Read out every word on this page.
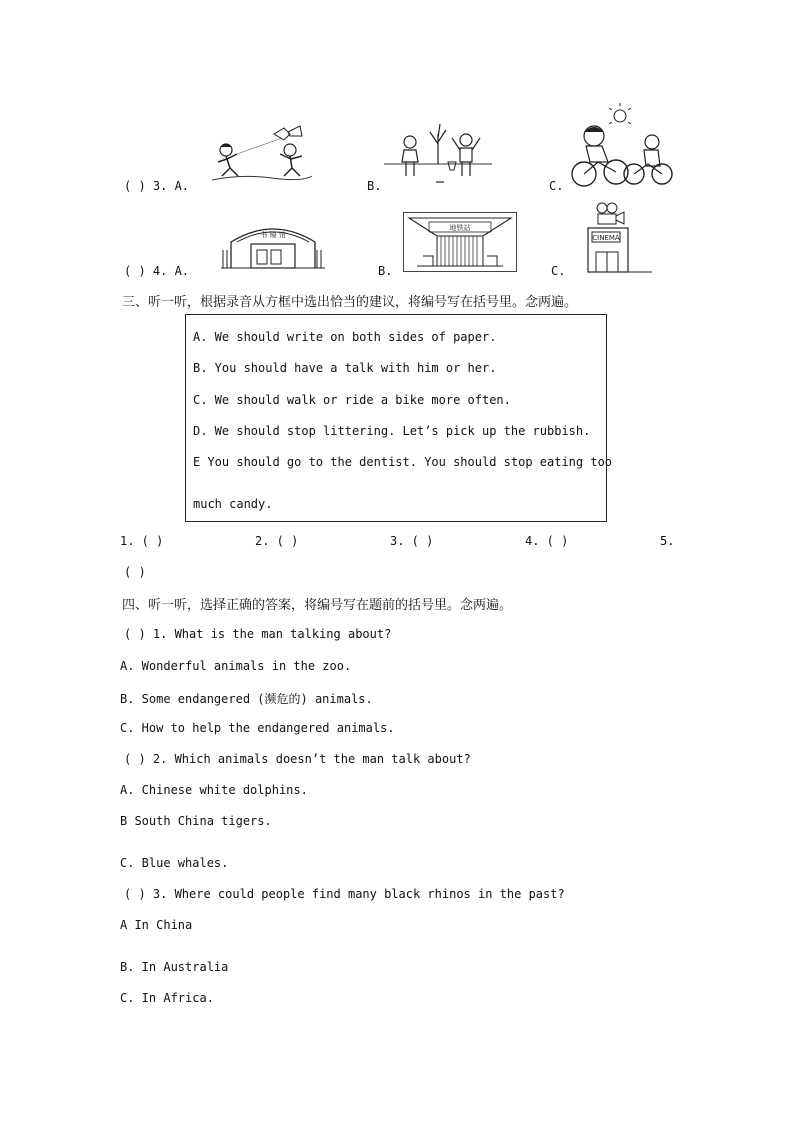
( ) 3. A.	B.	C.
( ) 4. A.
书 镜 馆
B.
地铁站
C.
CINEMA
三、听一听，根据录音从方框中选出恰当的建议，将编号写在括号里。念两遍。
A. We should write on both sides of paper.
B. You should have a talk with him or her.
C. We should walk or ride a bike more often.
D. We should stop littering. Let’s pick up the rubbish.
E You should go to the dentist. You should stop eating too
much candy.
1. ( )	2. ( )	3. ( )	4. ( )	5.
( )
四、听一听，选择正确的答案，将编号写在题前的括号里。念两遍。
( ) 1. What is the man talking about?
A. Wonderful animals in the zoo.
B. Some endangered (濒危的) animals.
C. How to help the endangered animals.
( ) 2. Which animals doesn’t the man talk about?
A. Chinese white dolphins.
B South China tigers.
C. Blue whales.
( ) 3. Where could people find many black rhinos in the past?
A In China
B. In Australia
C. In Africa.
